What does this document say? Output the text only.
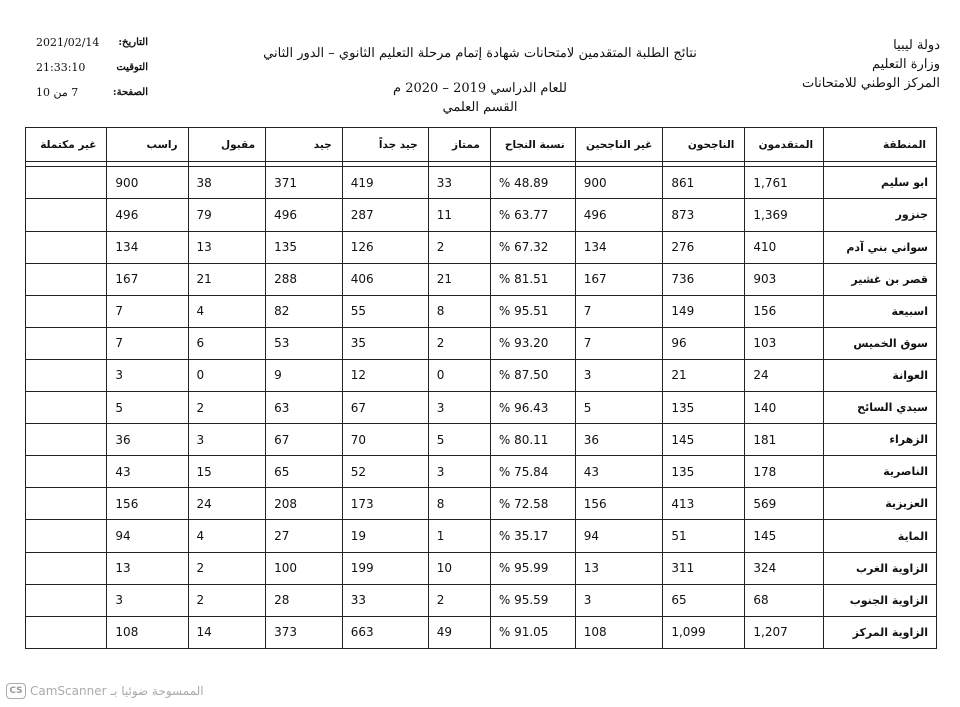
دولة ليبيا
وزارة التعليم
المركز الوطني للامتحانات
نتائج الطلبة المتقدمين لامتحانات شهادة إتمام مرحلة التعليم الثانوي – الدور الثاني
للعام الدراسي 2019 – 2020 م
القسم العلمي
التاريخ:
2021/02/14
التوقيت
21:33:10
الصفحة:
7 من 10
المنطقة	المتقدمون	الناجحون	غير الناجحين	نسبة النجاح	ممتاز	جيد جداً	جيد	مقبول	راسب	غير مكتملة

ابو سليم	1,761	861	900	% 48.89	33	419	371	38	900	
جنزور	1,369	873	496	% 63.77	11	287	496	79	496	
سواني بني آدم	410	276	134	% 67.32	2	126	135	13	134	
قصر بن غشير	903	736	167	% 81.51	21	406	288	21	167	
اسبيعة	156	149	7	% 95.51	8	55	82	4	7	
سوق الخميس	103	96	7	% 93.20	2	35	53	6	7	
العوانة	24	21	3	% 87.50	0	12	9	0	3	
سيدي السائح	140	135	5	% 96.43	3	67	63	2	5	
الزهراء	181	145	36	% 80.11	5	70	67	3	36	
الناصرية	178	135	43	% 75.84	3	52	65	15	43	
العزيزية	569	413	156	% 72.58	8	173	208	24	156	
الماية	145	51	94	% 35.17	1	19	27	4	94	
الزاوية الغرب	324	311	13	% 95.99	10	199	100	2	13	
الزاوية الجنوب	68	65	3	% 95.59	2	33	28	2	3	
الزاوية المركز	1,207	1,099	108	% 91.05	49	663	373	14	108	
CS CamScanner الممسوحة ضوئيا بـ
